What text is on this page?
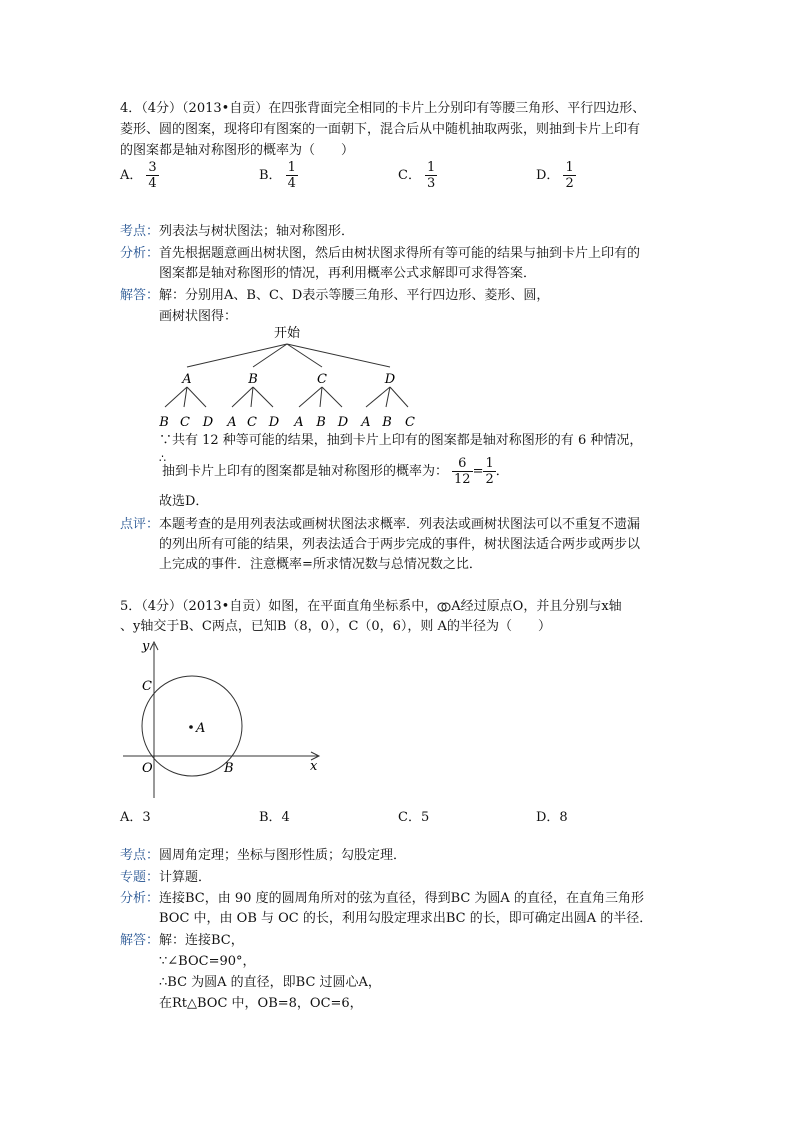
4．（4分）（2013•自贡）在四张背面完全相同的卡片上分别印有等腰三角形、平行四边形、
菱形、圆的图案，现将印有图案的一面朝下，混合后从中随机抽取两张，则抽到卡片上印有
的图案都是轴对称图形的概率为（　　）
A． $\frac{3}{4}$	B． $\frac{1}{4}$	C． $\frac{1}{3}$	D． $\frac{1}{2}$
考点：列表法与树状图法；轴对称图形．
分析：首先根据题意画出树状图，然后由树状图求得所有等可能的结果与抽到卡片上印有的
图案都是轴对称图形的情况，再利用概率公式求解即可求得答案．
解答：解：分别用A、B、C、D表示等腰三角形、平行四边形、菱形、圆，
画树状图得：
开始
A	B	C	D
B C D A C D A B D A B C
∵共有 12 种等可能的结果，抽到卡片上印有的图案都是轴对称图形的有 6 种情况，
∴
抽到卡片上印有的图案都是轴对称图形的概率为： $\frac{6}{12} = \frac{1}{2}$ ．
故选D．
点评：本题考查的是用列表法或画树状图法求概率．列表法或画树状图法可以不重复不遗漏
的列出所有可能的结果，列表法适合于两步完成的事件，树状图法适合两步或两步以
上完成的事件．注意概率=所求情况数与总情况数之比．
5．（4分）（2013•自贡）如图，在平面直角坐标系中， A经过原点O，并且分别与x轴
、y轴交于B、C两点，已知B（8，0），C（0，6），则 A的半径为（　　）
y
x
O	B
C
A
A．3	B．4	C．5	D．8
考点：圆周角定理；坐标与图形性质；勾股定理．
专题：计算题．
分析：连接BC，由 90 度的圆周角所对的弦为直径，得到BC 为圆A 的直径，在直角三角形
BOC 中，由 OB 与 OC 的长，利用勾股定理求出BC 的长，即可确定出圆A 的半径．
解答：解：连接BC，
∵∠BOC=90°，
∴BC 为圆A 的直径，即BC 过圆心A，
在Rt△BOC 中，OB=8，OC=6，
